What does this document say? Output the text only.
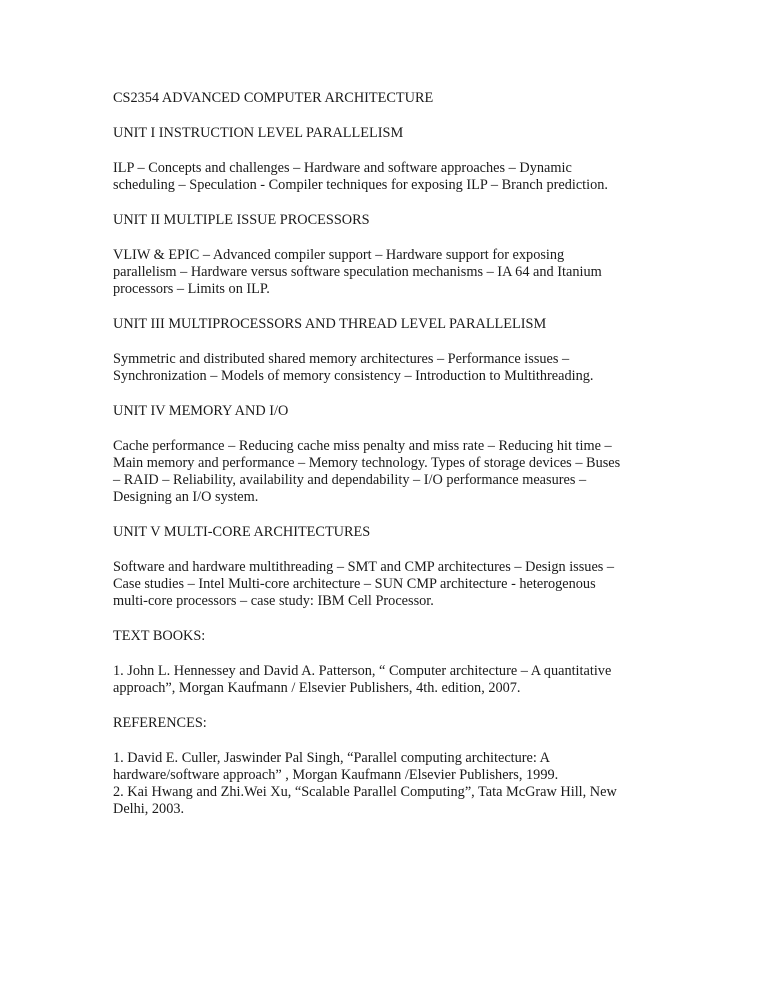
CS2354 ADVANCED COMPUTER ARCHITECTURE
UNIT I INSTRUCTION LEVEL PARALLELISM
ILP – Concepts and challenges – Hardware and software approaches – Dynamic
scheduling – Speculation - Compiler techniques for exposing ILP – Branch prediction.
UNIT II MULTIPLE ISSUE PROCESSORS
VLIW & EPIC – Advanced compiler support – Hardware support for exposing
parallelism – Hardware versus software speculation mechanisms – IA 64 and Itanium
processors – Limits on ILP.
UNIT III MULTIPROCESSORS AND THREAD LEVEL PARALLELISM
Symmetric and distributed shared memory architectures – Performance issues –
Synchronization – Models of memory consistency – Introduction to Multithreading.
UNIT IV MEMORY AND I/O
Cache performance – Reducing cache miss penalty and miss rate – Reducing hit time –
Main memory and performance – Memory technology. Types of storage devices – Buses
– RAID – Reliability, availability and dependability – I/O performance measures –
Designing an I/O system.
UNIT V MULTI-CORE ARCHITECTURES
Software and hardware multithreading – SMT and CMP architectures – Design issues –
Case studies – Intel Multi-core architecture – SUN CMP architecture - heterogenous
multi-core processors – case study: IBM Cell Processor.
TEXT BOOKS:
1. John L. Hennessey and David A. Patterson, “ Computer architecture – A quantitative
approach”, Morgan Kaufmann / Elsevier Publishers, 4th. edition, 2007.
REFERENCES:
1. David E. Culler, Jaswinder Pal Singh, “Parallel computing architecture: A
hardware/software approach” , Morgan Kaufmann /Elsevier Publishers, 1999.
2. Kai Hwang and Zhi.Wei Xu, “Scalable Parallel Computing”, Tata McGraw Hill, New
Delhi, 2003.
